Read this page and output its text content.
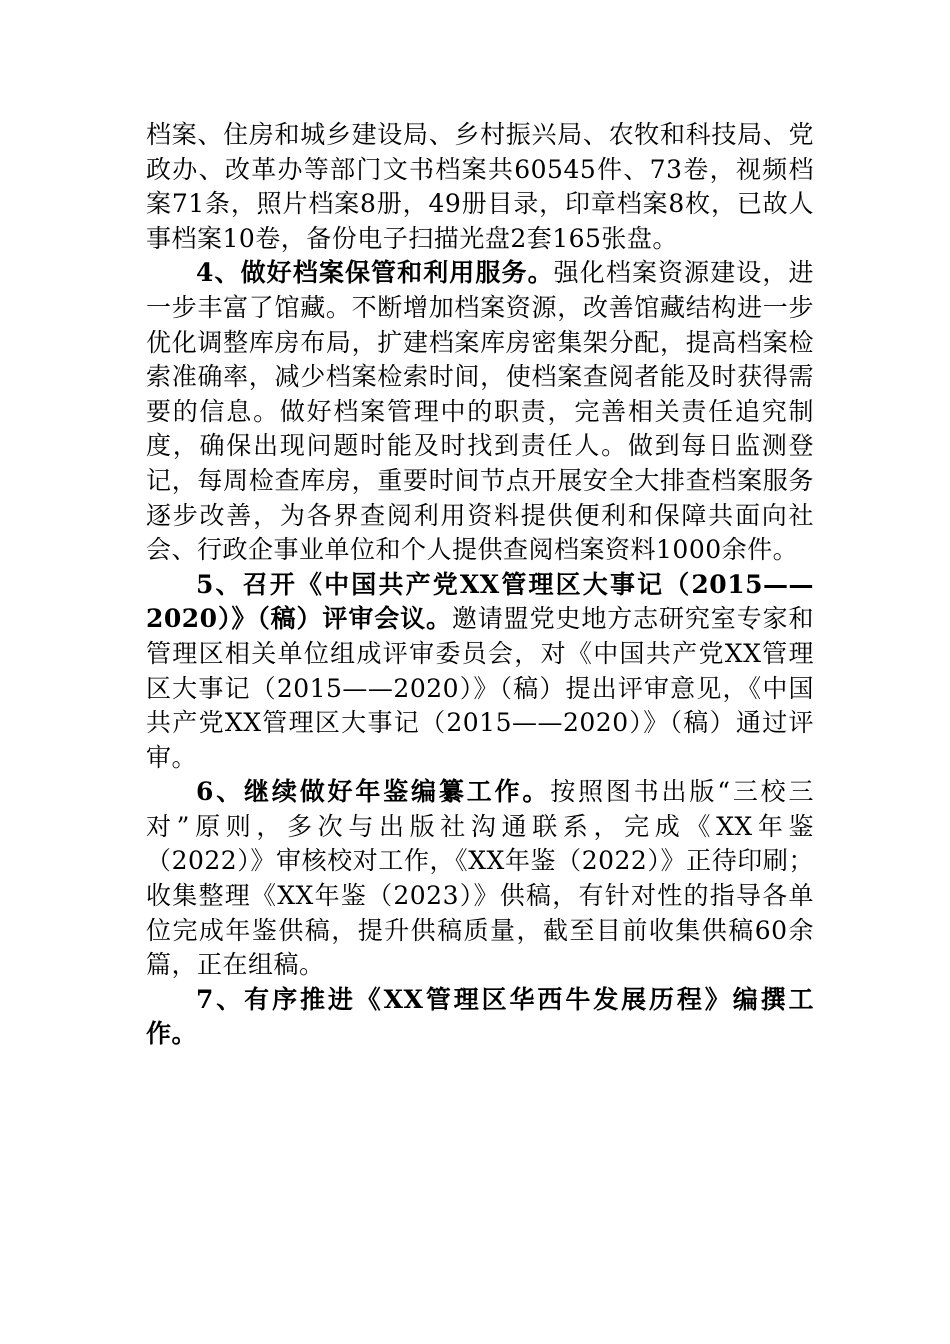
档案、住房和城乡建设局、乡村振兴局、农牧和科技局、党政办、改革办等部门文书档案共60545件、73卷，视频档案71条，照片档案8册，49册目录，印章档案8枚，已故人事档案10卷，备份电子扫描光盘2套165张盘。

4、做好档案保管和利用服务。强化档案资源建设，进一步丰富了馆藏。不断增加档案资源，改善馆藏结构进一步优化调整库房布局，扩建档案库房密集架分配，提高档案检索准确率，减少档案检索时间，使档案查阅者能及时获得需要的信息。做好档案管理中的职责，完善相关责任追究制度，确保出现问题时能及时找到责任人。做到每日监测登记，每周检查库房，重要时间节点开展安全大排查档案服务逐步改善，为各界查阅利用资料提供便利和保障共面向社会、行政企事业单位和个人提供查阅档案资料1000余件。

5、召开《中国共产党XX管理区大事记（2015——2020）》（稿）评审会议。邀请盟党史地方志研究室专家和管理区相关单位组成评审委员会，对《中国共产党XX管理区大事记（2015——2020）》（稿）提出评审意见，《中国共产党XX管理区大事记（2015——2020）》（稿）通过评审。

6、继续做好年鉴编纂工作。按照图书出版“三校三对”原则，多次与出版社沟通联系，完成《XX年鉴（2022）》审核校对工作，《XX年鉴（2022）》正待印刷；收集整理《XX年鉴（2023）》供稿，有针对性的指导各单位完成年鉴供稿，提升供稿质量，截至目前收集供稿60余篇，正在组稿。

7、有序推进《XX管理区华西牛发展历程》编撰工作。
